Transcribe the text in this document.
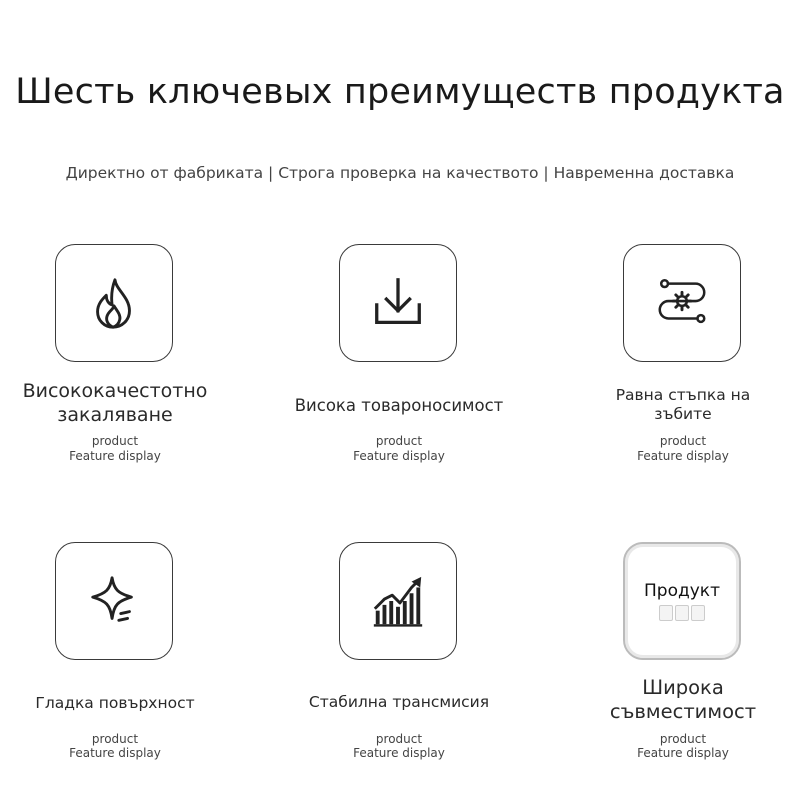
Шесть ключевых преимуществ продукта
Директно от фабриката | Строга проверка на качеството | Навременна доставка
Висококачестотно закаляване
product
Feature display
Висока товароносимост
product
Feature display
Равна стъпка на зъбите
product
Feature display
Гладка повърхност
product
Feature display
Стабилна трансмисия
product
Feature display
Продукт
Широка съвместимост
product
Feature display
